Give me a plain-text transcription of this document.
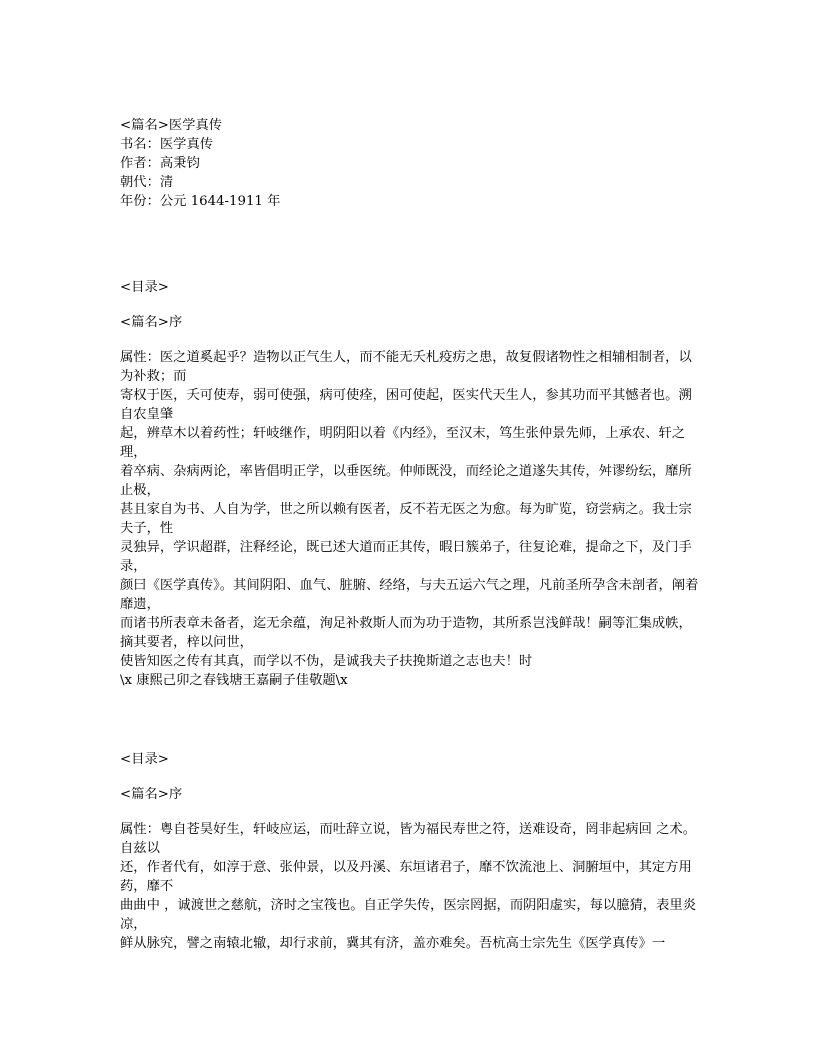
<篇名>医学真传

书名：医学真传

作者：高秉钧

朝代：清

年份：公元 1644-1911 年

<目录>

<篇名>序

属性：医之道奚起乎？造物以正气生人，而不能无夭札疫疠之患，故复假诸物性之相辅相制者，以为补救；而

寄权于医，夭可使寿，弱可使强，病可使痊，困可使起，医实代天生人，参其功而平其憾者也。溯自农皇肇

起，辨草木以着药性；轩岐继作，明阴阳以着《内经》，至汉末，笃生张仲景先师，上承农、轩之理，

着卒病、杂病两论，率皆倡明正学，以垂医统。仲师既没，而经论之道遂失其传，舛谬纷纭，靡所止极，

甚且家自为书、人自为学，世之所以赖有医者，反不若无医之为愈。每为旷览，窃尝病之。我士宗夫子，性

灵独异，学识超群，注释经论，既已述大道而正其传，暇日簇弟子，往复论难，提命之下，及门手录，

颜曰《医学真传》。其间阴阳、血气、脏腑、经络，与夫五运六气之理，凡前圣所孕含未剖者，阐着靡遗，

而诸书所表章未备者，迄无余蕴，洵足补救斯人而为功于造物，其所系岂浅鲜哉！嗣等汇集成帙，摘其要者，梓以问世，

使皆知医之传有其真，而学以不伪，是诚我夫子扶挽斯道之志也夫！时

\x 康熙己卯之春钱塘王嘉嗣子佳敬题\x

<目录>

<篇名>序

属性：粤自苍昊好生，轩岐应运，而吐辞立说，皆为福民寿世之符，送难设奇，罔非起病回 之术。自兹以

还，作者代有，如淳于意、张仲景，以及丹溪、东垣诸君子，靡不饮流池上、洞腑垣中，其定方用药，靡不

曲曲中 ，诚渡世之慈航，济时之宝筏也。自正学失传，医宗罔据，而阴阳虚实，每以臆猜，表里炎凉，

鲜从脉究，譬之南辕北辙，却行求前，冀其有济，盖亦难矣。吾杭高士宗先生《医学真传》一
